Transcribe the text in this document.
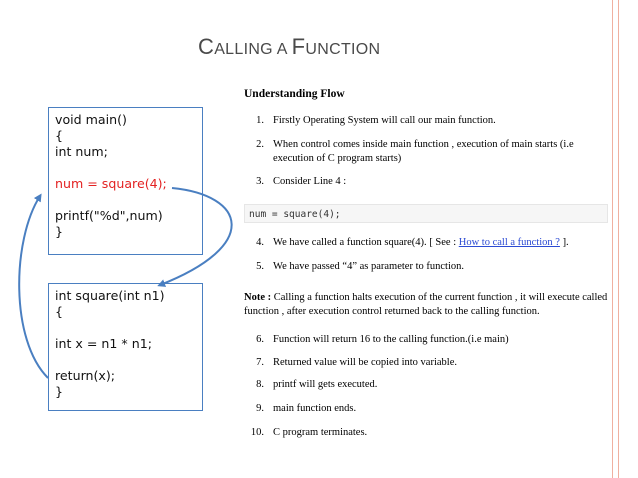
CALLING A FUNCTION
void main()
{
int num;
num = square(4);
printf("%d",num)
}
int square(int n1)
{
int x = n1 * n1;
return(x);
}
Understanding Flow
1. Firstly Operating System will call our main function.
2. When control comes inside main function , execution of main starts (i.e execution of C program starts)
3. Consider Line 4 :
num = square(4);
4. We have called a function square(4). [ See : How to call a function ? ].
5. We have passed “4” as parameter to function.
Note : Calling a function halts execution of the current function , it will execute called function , after execution control returned back to the calling function.
6. Function will return 16 to the calling function.(i.e main)
7. Returned value will be copied into variable.
8. printf will gets executed.
9. main function ends.
10. C program terminates.
